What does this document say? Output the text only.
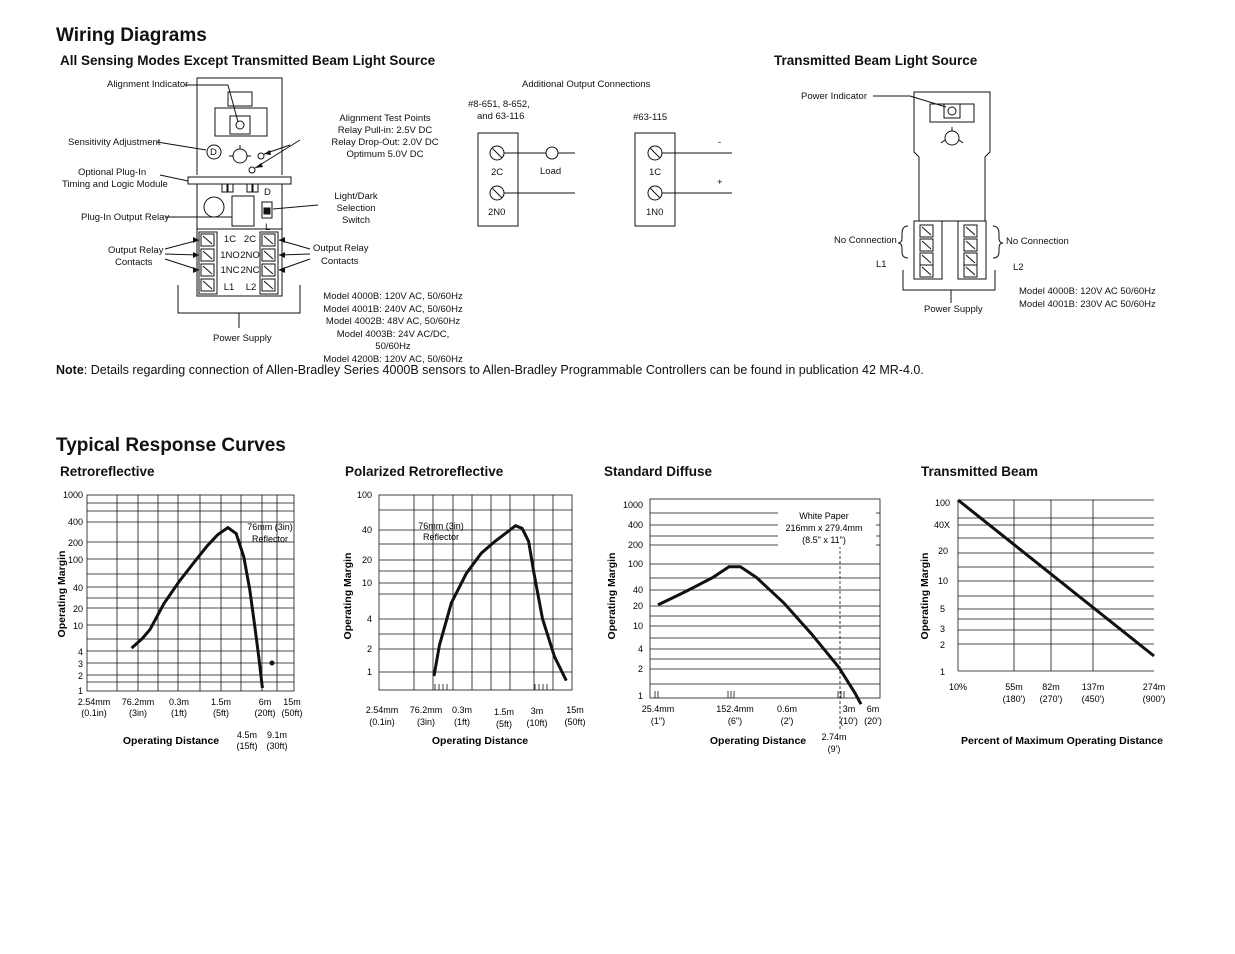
Wiring Diagrams
All Sensing Modes Except Transmitted Beam Light Source	Transmitted Beam Light Source
Alignment Indicator
Sensitivity Adjustment
D
Optional Plug-In
Timing and Logic Module
Plug-In Output Relay
D
L
Output Relay
Contacts
Output Relay
Contacts
Power Supply
Alignment Test Points
Relay Pull-in: 2.5V DC
Relay Drop-Out: 2.0V DC
Optimum 5.0V DC
Light/Dark
Selection Switch
1C
1NO
1NC
L1
2C
2NO
2NC
L2
Model 4000B: 120V AC, 50/60Hz
Model 4001B: 240V AC, 50/60Hz
Model 4002B: 48V AC, 50/60Hz
Model 4003B: 24V AC/DC, 50/60Hz
Model 4200B: 120V AC, 50/60Hz
Additional Output Connections
#8-651, 8-652,
and 63-116
2C
2N0
Load
#63-115
1C
1N0
-
+
Power Indicator
No Connection	No Connection
L1	L2
Power Supply
Model 4000B: 120V AC 50/60Hz
Model 4001B: 230V AC 50/60Hz
Note: Details regarding connection of Allen-Bradley Series 4000B sensors to Allen-Bradley Programmable Controllers can be found in publication 42 MR-4.0.
Typical Response Curves
Retroreflective
1000
400
200
100
40
20
10
4
3
2
1
2.54mm
(0.1in)
76.2mm
(3in)
0.3m
(1ft)
1.5m
(5ft)
6m
(20ft)
15m
(50ft)
4.5m
(15ft)
9.1m
(30ft)
76mm (3in)
Reflector
Operating Distance
Operating Margin
Polarized Retroreflective
100
40
20
10
4
2
1
2.54mm
(0.1in)
76.2mm
(3in)
0.3m
(1ft)
1.5m
(5ft)
3m
(10ft)
15m
(50ft)
76mm (3in)
Reflector
Operating Distance
Operating Margin
Standard Diffuse
1000
400
200
100
40
20
10
4
2
1
25.4mm
(1")
152.4mm
(6")
0.6m
(2')
3m
(10')
6m
(20')
2.74m
(9')
White Paper
216mm x 279.4mm
(8.5" x 11")
Operating Distance
Operating Margin
Transmitted Beam
100
40X
20
10
5
3
2
1
10%	55m
(180')
82m
(270')
137m
(450')
274m
(900')
Percent of Maximum Operating Distance
Operating Margin
